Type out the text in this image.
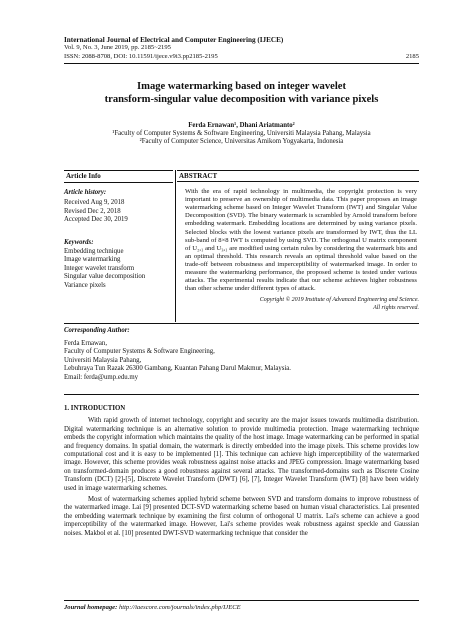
International Journal of Electrical and Computer Engineering (IJECE)
Vol. 9, No. 3, June 2019, pp. 2185~2195
ISSN: 2088-8708, DOI: 10.11591/ijece.v9i3.pp2185-2195	2185
Image watermarking based on integer wavelet
transform-singular value decomposition with variance pixels
Ferda Ernawan¹, Dhani Ariatmanto²
¹Faculty of Computer Systems & Software Engineering, Universiti Malaysia Pahang, Malaysia
²Faculty of Computer Science, Universitas Amikom Yogyakarta, Indonesia
Article Info
Article history:
Received Aug 9, 2018
Revised Dec 2, 2018
Accepted Dec 30, 2019
Keywords:
Embedding technique
Image watermarking
Integer wavelet transform
Singular value decomposition
Variance pixels
ABSTRACT
With the era of rapid technology in multimedia, the copyright protection is very important to preserve an ownership of multimedia data. This paper proposes an image watermarking scheme based on Integer Wavelet Transform (IWT) and Singular Value Decomposition (SVD). The binary watermark is scrambled by Arnold transform before embedding watermark. Embedding locations are determined by using variance pixels. Selected blocks with the lowest variance pixels are transformed by IWT, thus the LL sub-band of 8×8 IWT is computed by using SVD. The orthogonal U matrix component of U₂,₁ and U₃,₁ are modified using certain rules by considering the watermark bits and an optimal threshold. This research reveals an optimal threshold value based on the trade-off between robustness and imperceptibility of watermarked image. In order to measure the watermarking performance, the proposed scheme is tested under various attacks. The experimental results indicate that our scheme achieves higher robustness than other scheme under different types of attack.
Copyright © 2019 Institute of Advanced Engineering and Science.
All rights reserved.
Corresponding Author:
Ferda Ernawan,
Faculty of Computer Systems & Software Engineering,
Universiti Malaysia Pahang,
Lebuhraya Tun Razak 26300 Gambang, Kuantan Pahang Darul Makmur, Malaysia.
Email: ferda@ump.edu.my
1. INTRODUCTION

With rapid growth of internet technology, copyright and security are the major issues towards multimedia distribution. Digital watermarking technique is an alternative solution to provide multimedia protection. Image watermarking technique embeds the copyright information which maintains the quality of the host image. Image watermarking can be performed in spatial and frequency domains. In spatial domain, the watermark is directly embedded into the image pixels. This scheme provides low computational cost and it is easy to be implemented [1]. This technique can achieve high imperceptibility of the watermarked image. However, this scheme provides weak robustness against noise attacks and JPEG compression. Image watermarking based on transformed-domain produces a good robustness against several attacks. The transformed-domains such as Discrete Cosine Transform (DCT) [2]-[5], Discrete Wavelet Transform (DWT) [6], [7], Integer Wavelet Transform (IWT) [8] have been widely used in image watermarking schemes.

Most of watermarking schemes applied hybrid scheme between SVD and transform domains to improve robustness of the watermarked image. Lai [9] presented DCT-SVD watermarking scheme based on human visual characteristics. Lai presented the embedding watermark technique by examining the first column of orthogonal U matrix. Lai's scheme can achieve a good imperceptibility of the watermarked image. However, Lai's scheme provides weak robustness against speckle and Gaussian noises. Makbol et al. [10] presented DWT-SVD watermarking technique that consider the

Journal homepage: http://iaescore.com/journals/index.php/IJECE
